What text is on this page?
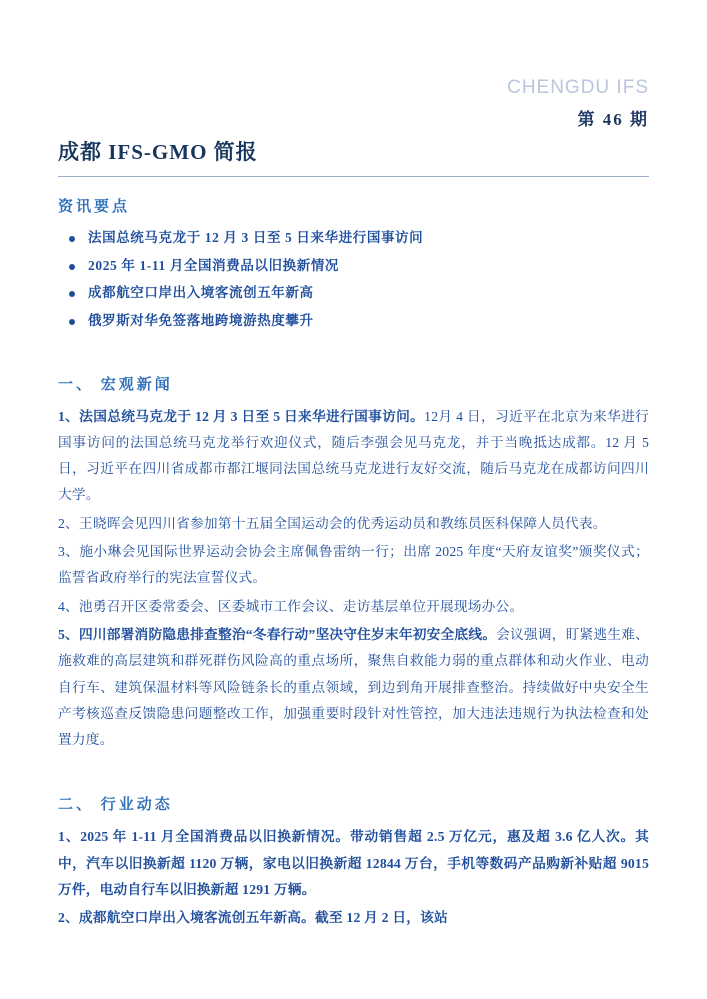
CHENGDU IFS
第 46 期
成都 IFS-GMO 简报
资讯要点
法国总统马克龙于 12 月 3 日至 5 日来华进行国事访问
2025 年 1-11 月全国消费品以旧换新情况
成都航空口岸出入境客流创五年新高
俄罗斯对华免签落地跨境游热度攀升
一、 宏观新闻

1、法国总统马克龙于 12 月 3 日至 5 日来华进行国事访问。12月 4 日，习近平在北京为来华进行国事访问的法国总统马克龙举行欢迎仪式，随后李强会见马克龙，并于当晚抵达成都。12 月 5 日，习近平在四川省成都市都江堰同法国总统马克龙进行友好交流，随后马克龙在成都访问四川大学。

2、王晓晖会见四川省参加第十五届全国运动会的优秀运动员和教练员医科保障人员代表。

3、施小琳会见国际世界运动会协会主席佩鲁雷纳一行；出席 2025 年度“天府友谊奖”颁奖仪式；监誓省政府举行的宪法宣誓仪式。

4、池勇召开区委常委会、区委城市工作会议、走访基层单位开展现场办公。

5、四川部署消防隐患排查整治“冬春行动”坚决守住岁末年初安全底线。会议强调，盯紧逃生难、施救难的高层建筑和群死群伤风险高的重点场所，聚焦自救能力弱的重点群体和动火作业、电动自行车、建筑保温材料等风险链条长的重点领域，到边到角开展排查整治。持续做好中央安全生产考核巡查反馈隐患问题整改工作，加强重要时段针对性管控，加大违法违规行为执法检查和处置力度。

二、 行业动态

1、2025 年 1-11 月全国消费品以旧换新情况。带动销售超 2.5 万亿元，惠及超 3.6 亿人次。其中，汽车以旧换新超 1120 万辆，家电以旧换新超 12844 万台，手机等数码产品购新补贴超 9015 万件，电动自行车以旧换新超 1291 万辆。

2、成都航空口岸出入境客流创五年新高。截至 12 月 2 日，该站
